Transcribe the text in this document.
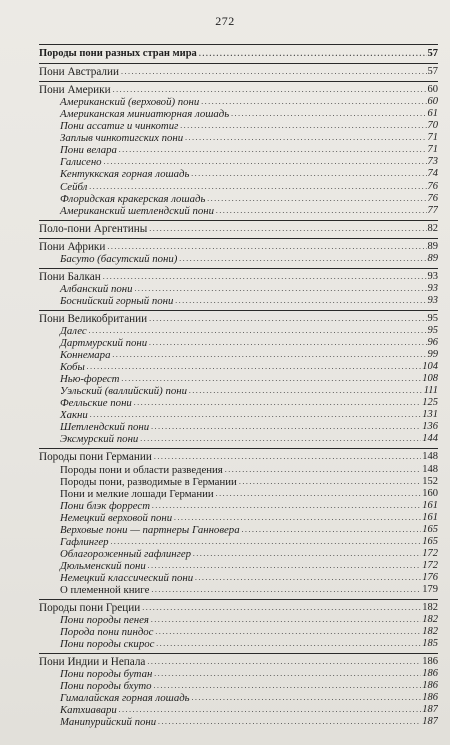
272
Породы пони разных стран мира .....	57
Пони Австралии .....	57
Пони Америки .....	60
Американский (верховой) пони .....	60
Американская миниатюрная лошадь .....	61
Пони ассатиг и чинкотиг .....	70
Заплыв чинкотигских пони .....	71
Пони велара .....	71
Галисено .....	73
Кентуккская горная лошадь .....	74
Сейбл .....	76
Флоридская кракерская лошадь .....	76
Американский шетлендский пони .....	77
Поло-пони Аргентины .....	82
Пони Африки .....	89
Басуто (басутский пони) .....	89
Пони Балкан .....	93
Албанский пони .....	93
Боснийский горный пони .....	93
Пони Великобритании .....	95
Далес .....	95
Дартмурский пони .....	96
Коннемара .....	99
Кобы .....	104
Нью-форест .....	108
Уэльский (валлийский) пони .....	111
Фелльские пони .....	125
Хакни .....	131
Шетлендский пони .....	136
Эксмурский пони .....	144
Породы пони Германии .....	148
Породы пони и области разведения .....	148
Породы пони, разводимые в Германии .....	152
Пони и мелкие лошади Германии .....	160
Пони блэк форрест .....	161
Немецкий верховой пони .....	161
Верховые пони — партнеры Ганновера .....	165
Гафлингер .....	165
Облагороженный гафлингер .....	172
Дюльменский пони .....	172
Немецкий классический пони .....	176
О племенной книге .....	179
Породы пони Греции .....	182
Пони породы пенея .....	182
Порода пони пиндос .....	182
Пони породы скирос .....	185
Пони Индии и Непала .....	186
Пони породы бутан .....	186
Пони породы бхуто .....	186
Гималайская горная лошадь .....	186
Катхиавари .....	187
Манипурийский пони .....	187
